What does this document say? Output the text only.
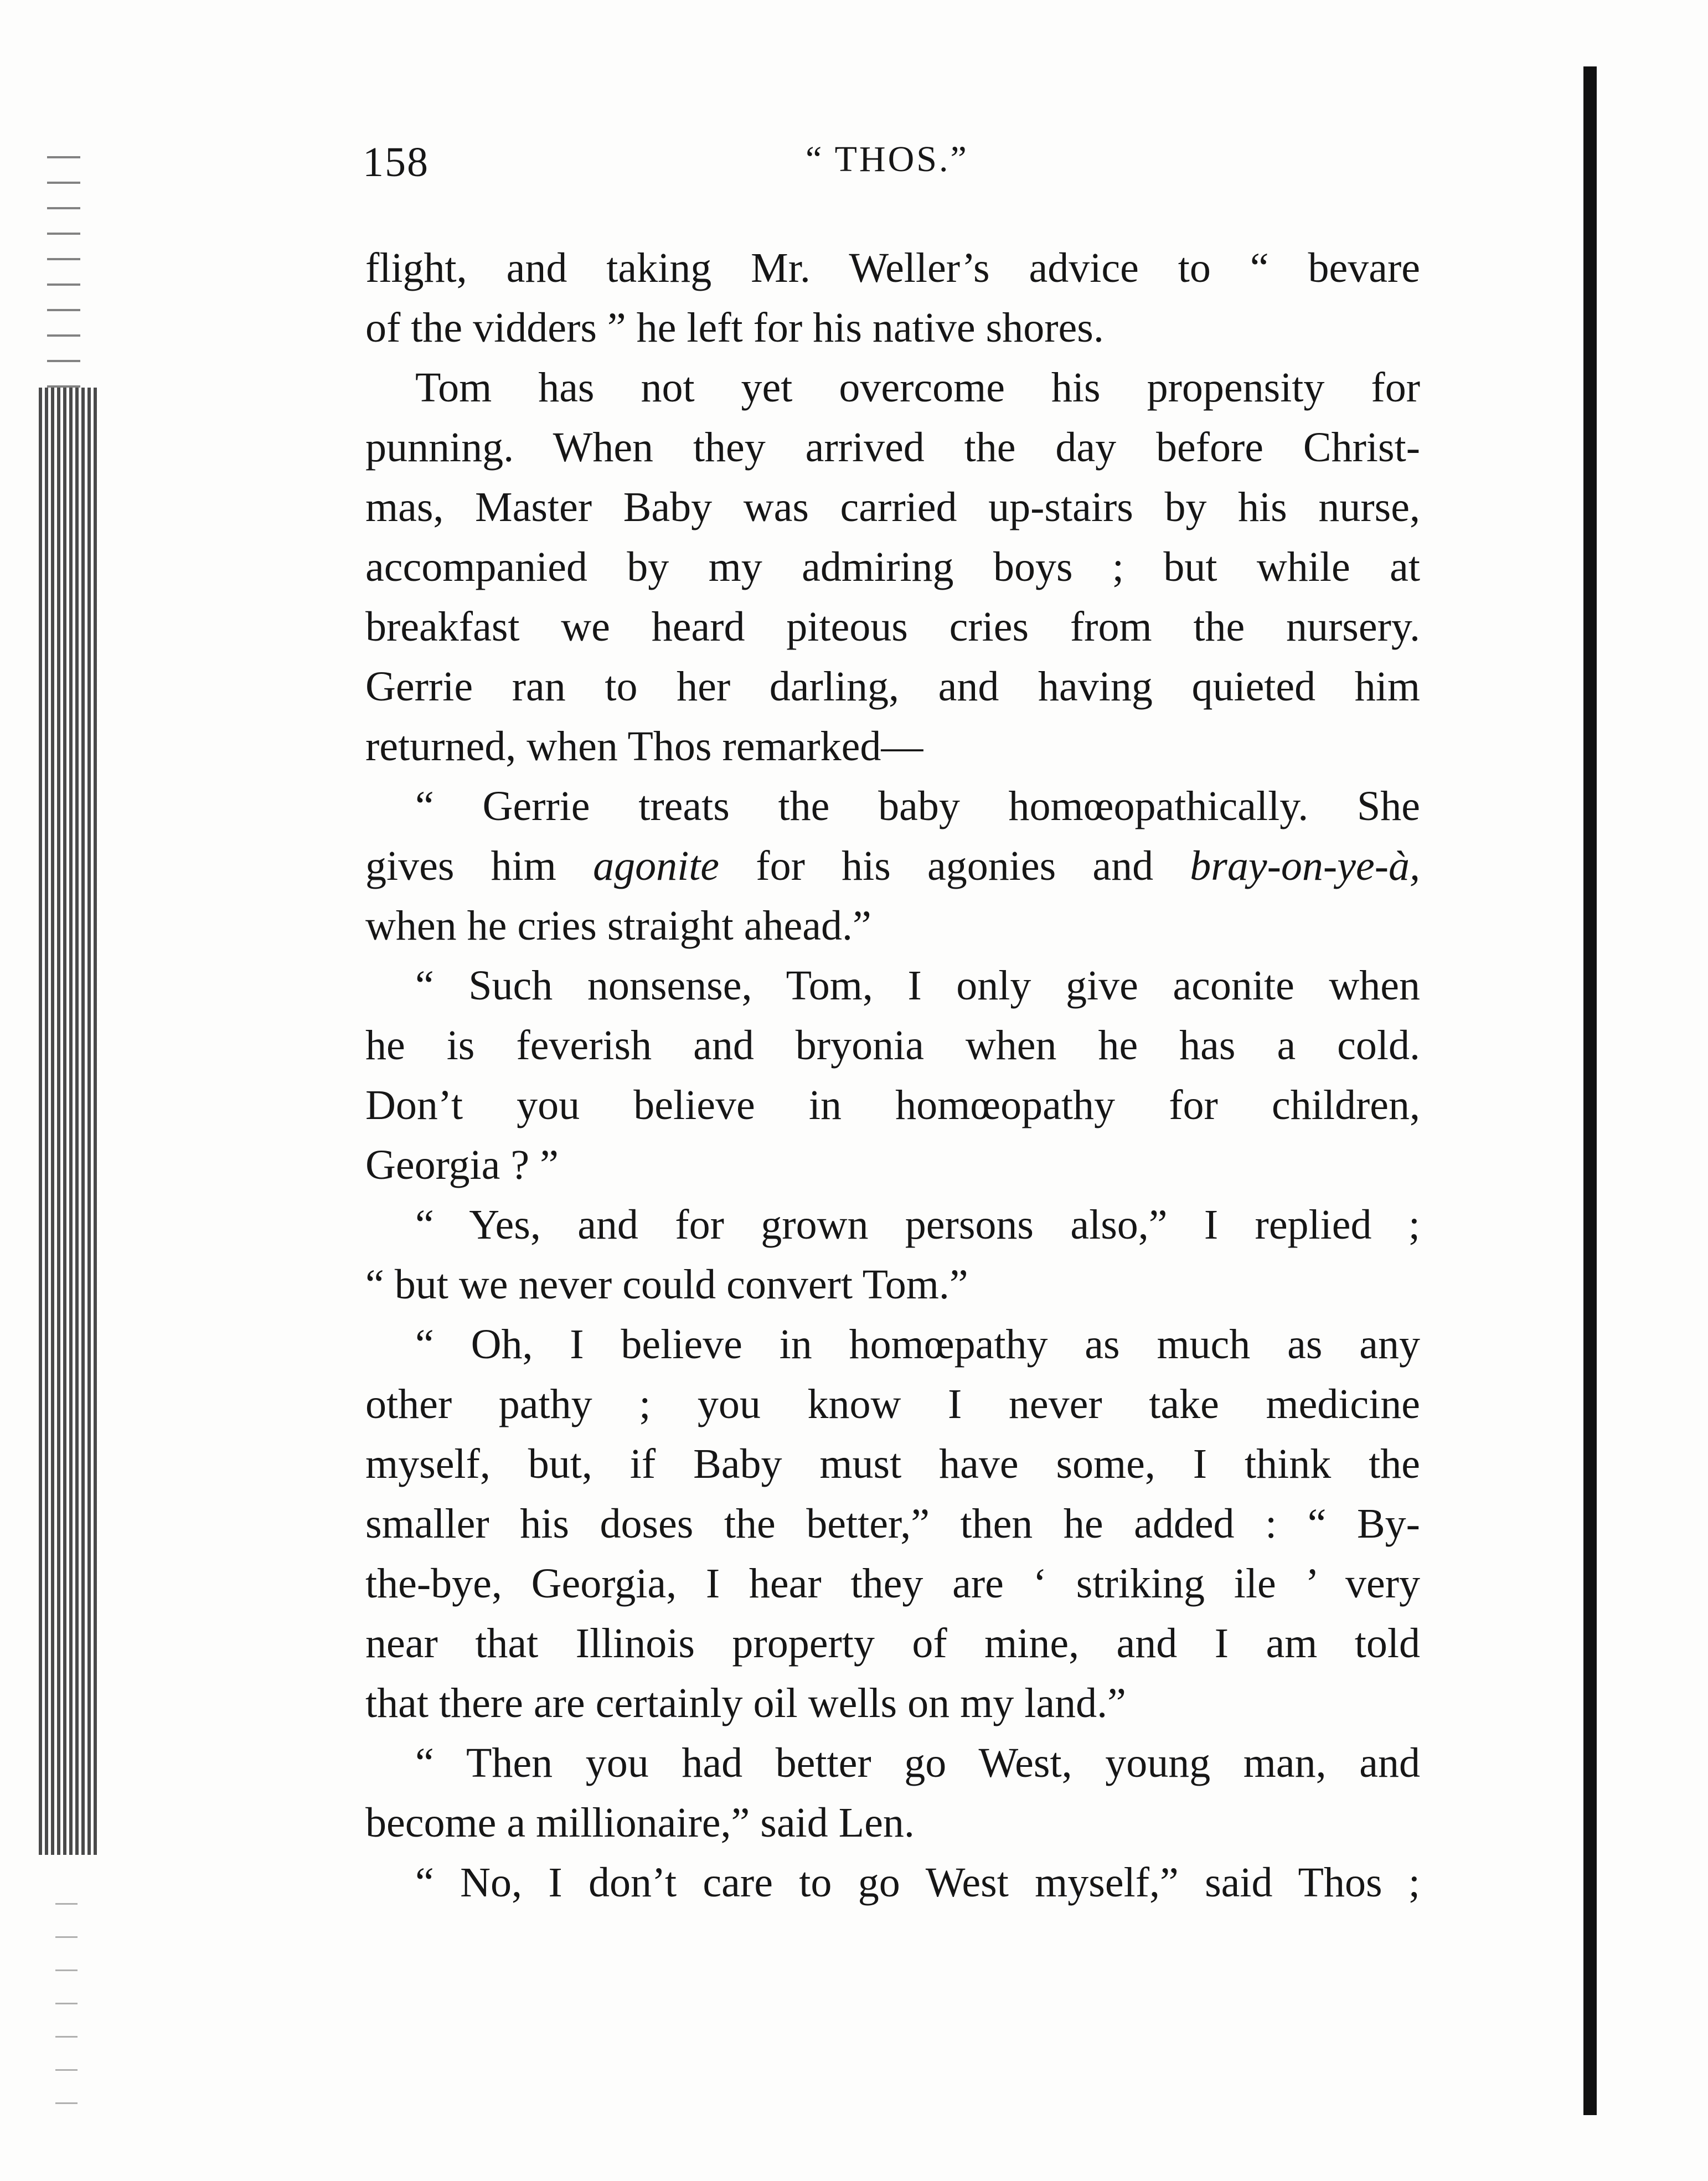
158	“ THOS.”
flight, and taking Mr. Weller’s advice to “ bevare
of the vidders ” he left for his native shores.
Tom has not yet overcome his propensity for
punning. When they arrived the day before Christ-
mas, Master Baby was carried up-stairs by his nurse,
accompanied by my admiring boys ; but while at
breakfast we heard piteous cries from the nursery.
Gerrie ran to her darling, and having quieted him
returned, when Thos remarked—
“ Gerrie treats the baby homœopathically. She
gives him agonite for his agonies and bray-on-ye-à,
when he cries straight ahead.”
“ Such nonsense, Tom, I only give aconite when
he is feverish and bryonia when he has a cold.
Don’t you believe in homœopathy for children,
Georgia ? ”
“ Yes, and for grown persons also,” I replied ;
“ but we never could convert Tom.”
“ Oh, I believe in homœpathy as much as any
other pathy ; you know I never take medicine
myself, but, if Baby must have some, I think the
smaller his doses the better,” then he added : “ By-
the-bye, Georgia, I hear they are ‘ striking ile ’ very
near that Illinois property of mine, and I am told
that there are certainly oil wells on my land.”
“ Then you had better go West, young man, and
become a millionaire,” said Len.
“ No, I don’t care to go West myself,” said Thos ;
